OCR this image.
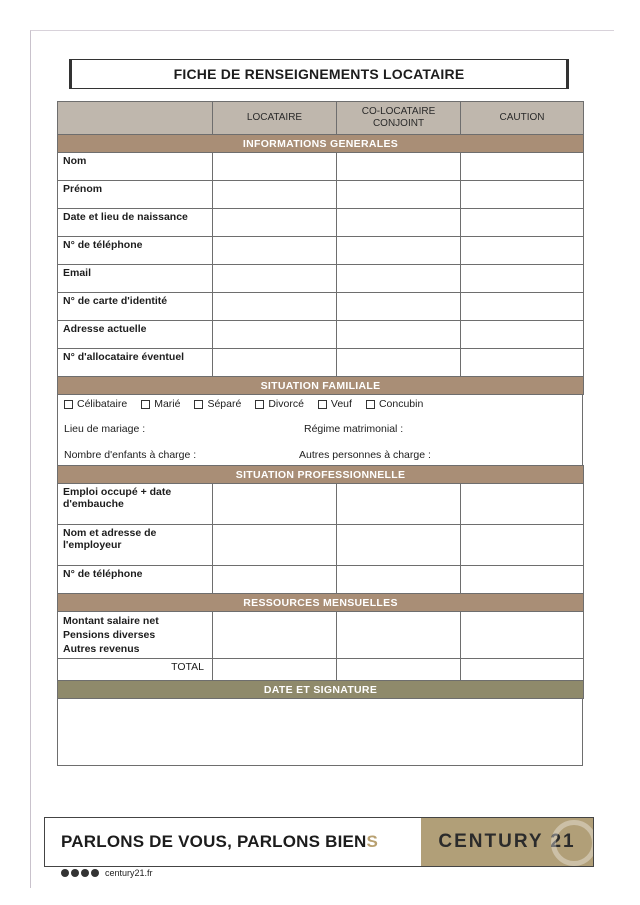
FICHE DE RENSEIGNEMENTS LOCATAIRE
	LOCATAIRE	CO-LOCATAIRE CONJOINT	CAUTION
INFORMATIONS GENERALES			
Nom			
Prénom			
Date et lieu de naissance			
N° de téléphone			
Email			
N° de carte d'identité			
Adresse actuelle			
N° d'allocataire éventuel			
SITUATION FAMILIALE			
Célibataire	Marié	Séparé	Divorcé	Veuf	Concubin
Lieu de mariage :	Régime matrimonial :
Nombre d'enfants à charge :	Autres personnes à charge :
SITUATION PROFESSIONNELLE			
Emploi occupé + date d'embauche			
Nom et adresse de l'employeur			
N° de téléphone			
RESSOURCES MENSUELLES			

Montant salaire net
Pensions diverses
Autres revenus			

TOTAL			
DATE ET SIGNATURE			
PARLONS DE VOUS, PARLONS BIEN S	CENTURY 21
century21.fr
